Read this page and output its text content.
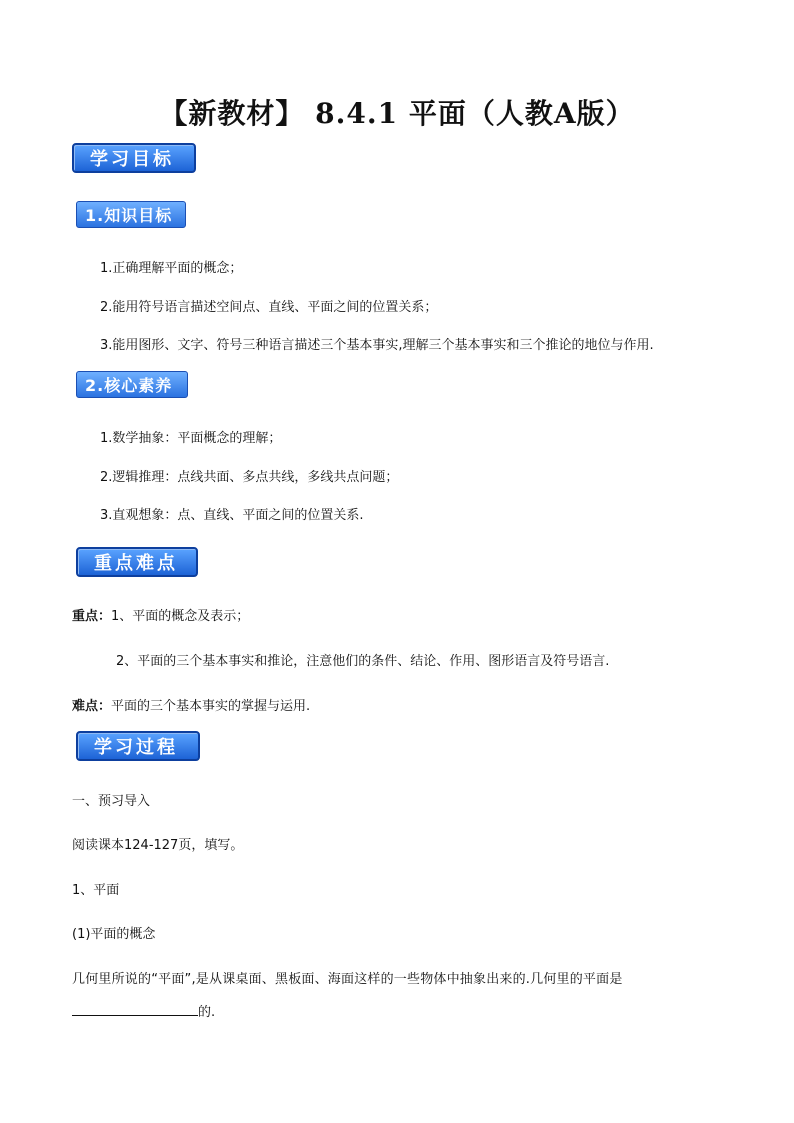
【新教材】 8.4.1 平面（人教A版）
学习目标
1.知识目标
1.正确理解平面的概念；
2.能用符号语言描述空间点、直线、平面之间的位置关系；
3.能用图形、文字、符号三种语言描述三个基本事实,理解三个基本事实和三个推论的地位与作用.
2.核心素养
1.数学抽象：平面概念的理解；
2.逻辑推理：点线共面、多点共线，多线共点问题；
3.直观想象：点、直线、平面之间的位置关系.
重点难点
重点：1、平面的概念及表示；
2、平面的三个基本事实和推论，注意他们的条件、结论、作用、图形语言及符号语言.
难点：平面的三个基本事实的掌握与运用.
学习过程
一、预习导入
阅读课本124-127页，填写。
1、平面
(1)平面的概念
几何里所说的“平面”,是从课桌面、黑板面、海面这样的一些物体中抽象出来的.几何里的平面是
的.
